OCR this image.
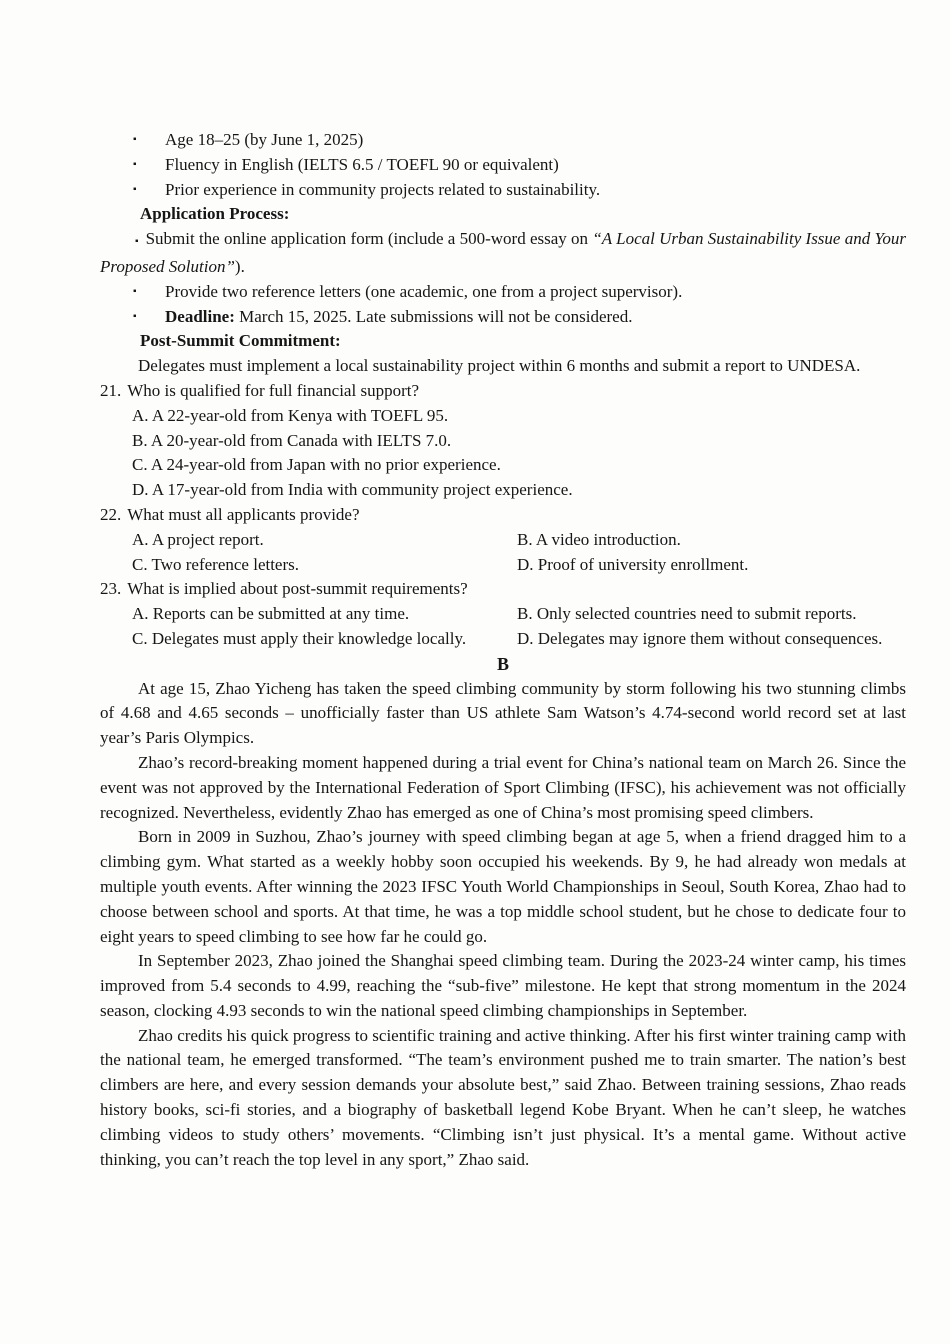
▪ Age 18–25 (by June 1, 2025)
▪ Fluency in English (IELTS 6.5 / TOEFL 90 or equivalent)
▪ Prior experience in community projects related to sustainability.
Application Process:
▪ Submit the online application form (include a 500-word essay on “A Local Urban Sustainability Issue and Your Proposed Solution”).
▪ Provide two reference letters (one academic, one from a project supervisor).
▪ Deadline: March 15, 2025. Late submissions will not be considered.
Post-Summit Commitment:
Delegates must implement a local sustainability project within 6 months and submit a report to UNDESA.
21. Who is qualified for full financial support?
A. A 22-year-old from Kenya with TOEFL 95.
B. A 20-year-old from Canada with IELTS 7.0.
C. A 24-year-old from Japan with no prior experience.
D. A 17-year-old from India with community project experience.
22. What must all applicants provide?
A. A project report.	B. A video introduction.
C. Two reference letters.	D. Proof of university enrollment.
23. What is implied about post-summit requirements?
A. Reports can be submitted at any time.	B. Only selected countries need to submit reports.
C. Delegates must apply their knowledge locally.	D. Delegates may ignore them without consequences.
B
At age 15, Zhao Yicheng has taken the speed climbing community by storm following his two stunning climbs of 4.68 and 4.65 seconds – unofficially faster than US athlete Sam Watson’s 4.74-second world record set at last year’s Paris Olympics.
Zhao’s record-breaking moment happened during a trial event for China’s national team on March 26. Since the event was not approved by the International Federation of Sport Climbing (IFSC), his achievement was not officially recognized. Nevertheless, evidently Zhao has emerged as one of China’s most promising speed climbers.
Born in 2009 in Suzhou, Zhao’s journey with speed climbing began at age 5, when a friend dragged him to a climbing gym. What started as a weekly hobby soon occupied his weekends. By 9, he had already won medals at multiple youth events. After winning the 2023 IFSC Youth World Championships in Seoul, South Korea, Zhao had to choose between school and sports. At that time, he was a top middle school student, but he chose to dedicate four to eight years to speed climbing to see how far he could go.
In September 2023, Zhao joined the Shanghai speed climbing team. During the 2023-24 winter camp, his times improved from 5.4 seconds to 4.99, reaching the “sub-five” milestone. He kept that strong momentum in the 2024 season, clocking 4.93 seconds to win the national speed climbing championships in September.
Zhao credits his quick progress to scientific training and active thinking. After his first winter training camp with the national team, he emerged transformed. “The team’s environment pushed me to train smarter. The nation’s best climbers are here, and every session demands your absolute best,” said Zhao. Between training sessions, Zhao reads history books, sci-fi stories, and a biography of basketball legend Kobe Bryant. When he can’t sleep, he watches climbing videos to study others’ movements. “Climbing isn’t just physical. It’s a mental game. Without active thinking, you can’t reach the top level in any sport,” Zhao said.
